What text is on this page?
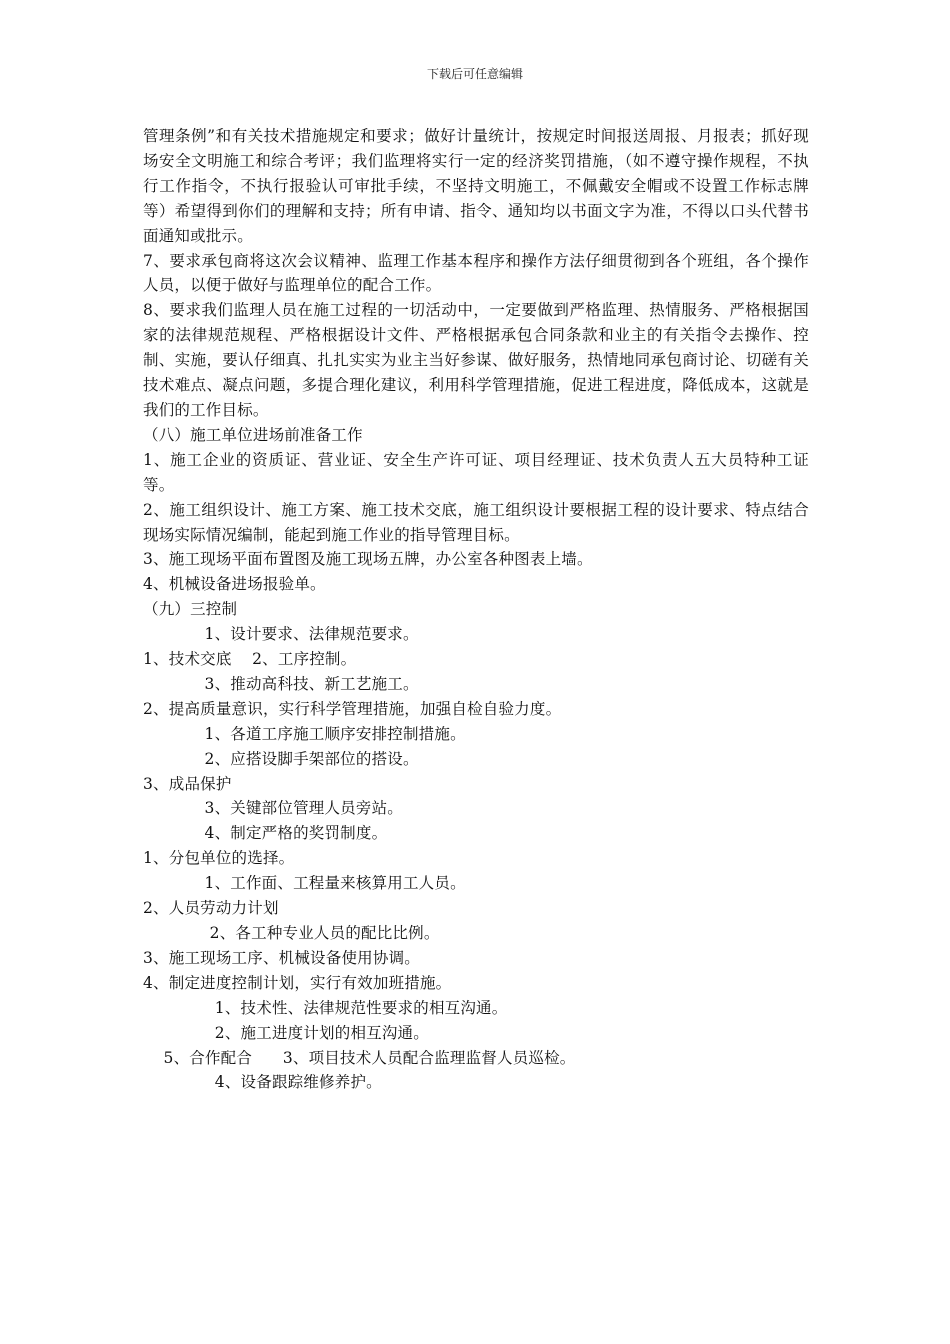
下载后可任意编辑

管理条例”和有关技术措施规定和要求；做好计量统计，按规定时间报送周报、月报表；抓好现场安全文明施工和综合考评；我们监理将实行一定的经济奖罚措施，（如不遵守操作规程，不执行工作指令，不执行报验认可审批手续，不坚持文明施工，不佩戴安全帽或不设置工作标志牌等）希望得到你们的理解和支持；所有申请、指令、通知均以书面文字为准，不得以口头代替书面通知或批示。

7、要求承包商将这次会议精神、监理工作基本程序和操作方法仔细贯彻到各个班组，各个操作人员，以便于做好与监理单位的配合工作。

8、要求我们监理人员在施工过程的一切活动中，一定要做到严格监理、热情服务、严格根据国家的法律规范规程、严格根据设计文件、严格根据承包合同条款和业主的有关指令去操作、控制、实施，要认仔细真、扎扎实实为业主当好参谋、做好服务，热情地同承包商讨论、切磋有关技术难点、凝点问题，多提合理化建议，利用科学管理措施，促进工程进度，降低成本，这就是我们的工作目标。

（八）施工单位进场前准备工作

1、施工企业的资质证、营业证、安全生产许可证、项目经理证、技术负责人五大员特种工证等。

2、施工组织设计、施工方案、施工技术交底，施工组织设计要根据工程的设计要求、特点结合现场实际情况编制，能起到施工作业的指导管理目标。

3、施工现场平面布置图及施工现场五牌，办公室各种图表上墙。

4、机械设备进场报验单。

（九）三控制

1、设计要求、法律规范要求。

1、技术交底    2、工序控制。

3、推动高科技、新工艺施工。

2、提高质量意识，实行科学管理措施，加强自检自验力度。

1、各道工序施工顺序安排控制措施。

2、应搭设脚手架部位的搭设。

3、成品保护

3、关键部位管理人员旁站。

4、制定严格的奖罚制度。

1、分包单位的选择。

1、工作面、工程量来核算用工人员。

2、人员劳动力计划

2、各工种专业人员的配比比例。

3、施工现场工序、机械设备使用协调。

4、制定进度控制计划，实行有效加班措施。

1、技术性、法律规范性要求的相互沟通。

2、施工进度计划的相互沟通。

5、合作配合      3、项目技术人员配合监理监督人员巡检。

4、设备跟踪维修养护。
